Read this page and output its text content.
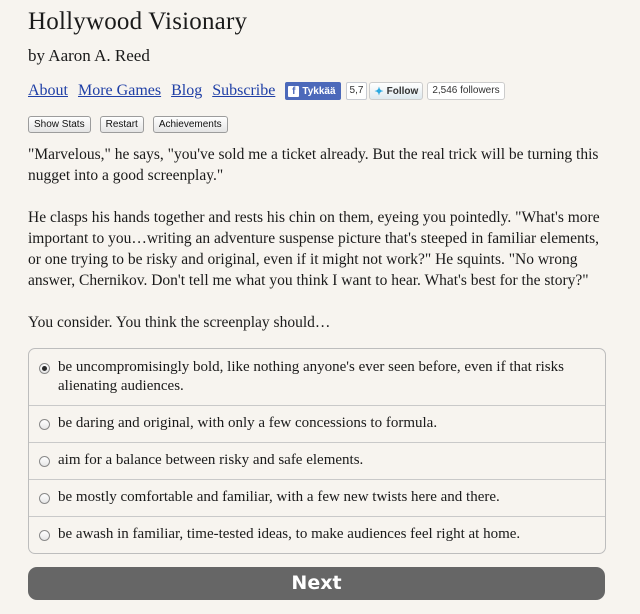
Hollywood Visionary
by Aaron A. Reed
About More Games Blog Subscribe	f Tykkää	5,7	✦ Follow	2,546 followers
Show Stats	Restart	Achievements

"Marvelous," he says, "you've sold me a ticket already. But the real trick will be turning this nugget into a good screenplay."

He clasps his hands together and rests his chin on them, eyeing you pointedly. "What's more important to you…writing an adventure suspense picture that's steeped in familiar elements, or one trying to be risky and original, even if it might not work?" He squints. "No wrong answer, Chernikov. Don't tell me what you think I want to hear. What's best for the story?"

You consider. You think the screenplay should…

be uncompromisingly bold, like nothing anyone's ever seen before, even if that risks alienating audiences.
be daring and original, with only a few concessions to formula.
aim for a balance between risky and safe elements.
be mostly comfortable and familiar, with a few new twists here and there.
be awash in familiar, time-tested ideas, to make audiences feel right at home.
Next
